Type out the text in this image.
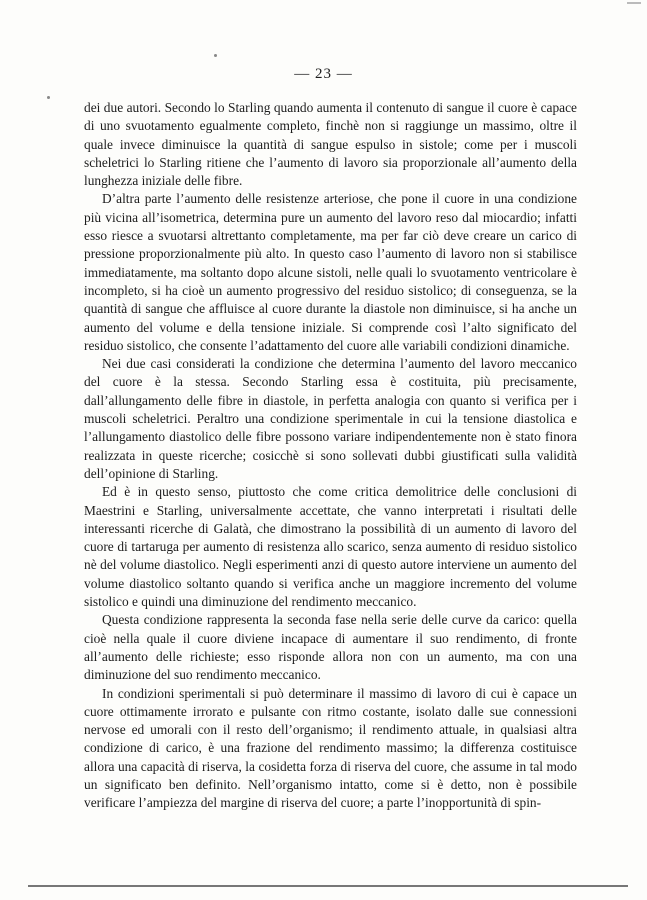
— 23 —

dei due autori. Secondo lo Starling quando aumenta il contenuto di sangue il cuore è capace di uno svuotamento egualmente completo, finchè non si raggiunge un massimo, oltre il quale invece diminuisce la quantità di sangue espulso in sistole; come per i muscoli scheletrici lo Starling ritiene che l’aumento di lavoro sia proporzionale all’aumento della lunghezza iniziale delle fibre.

D’altra parte l’aumento delle resistenze arteriose, che pone il cuore in una condizione più vicina all’isometrica, determina pure un aumento del lavoro reso dal miocardio; infatti esso riesce a svuotarsi altrettanto completamente, ma per far ciò deve creare un carico di pressione proporzionalmente più alto. In questo caso l’aumento di lavoro non si stabilisce immediatamente, ma soltanto dopo alcune sistoli, nelle quali lo svuotamento ventricolare è incompleto, si ha cioè un aumento progressivo del residuo sistolico; di conseguenza, se la quantità di sangue che affluisce al cuore durante la diastole non diminuisce, si ha anche un aumento del volume e della tensione iniziale. Si comprende così l’alto significato del residuo sistolico, che consente l’adattamento del cuore alle variabili condizioni dinamiche.

Nei due casi considerati la condizione che determina l’aumento del lavoro meccanico del cuore è la stessa. Secondo Starling essa è costituita, più precisamente, dall’allungamento delle fibre in diastole, in perfetta analogia con quanto si verifica per i muscoli scheletrici. Peraltro una condizione sperimentale in cui la tensione diastolica e l’allungamento diastolico delle fibre possono variare indipendentemente non è stato finora realizzata in queste ricerche; cosicchè si sono sollevati dubbi giustificati sulla validità dell’opinione di Starling.

Ed è in questo senso, piuttosto che come critica demolitrice delle conclusioni di Maestrini e Starling, universalmente accettate, che vanno interpretati i risultati delle interessanti ricerche di Galatà, che dimostrano la possibilità di un aumento di lavoro del cuore di tartaruga per aumento di resistenza allo scarico, senza aumento di residuo sistolico nè del volume diastolico. Negli esperimenti anzi di questo autore interviene un aumento del volume diastolico soltanto quando si verifica anche un maggiore incremento del volume sistolico e quindi una diminuzione del rendimento meccanico.

Questa condizione rappresenta la seconda fase nella serie delle curve da carico: quella cioè nella quale il cuore diviene incapace di aumentare il suo rendimento, di fronte all’aumento delle richieste; esso risponde allora non con un aumento, ma con una diminuzione del suo rendimento meccanico.

In condizioni sperimentali si può determinare il massimo di lavoro di cui è capace un cuore ottimamente irrorato e pulsante con ritmo costante, isolato dalle sue connessioni nervose ed umorali con il resto dell’organismo; il rendimento attuale, in qualsiasi altra condizione di carico, è una frazione del rendimento massimo; la differenza costituisce allora una capacità di riserva, la cosidetta forza di riserva del cuore, che assume in tal modo un significato ben definito. Nell’organismo intatto, come si è detto, non è possibile verificare l’ampiezza del margine di riserva del cuore; a parte l’inopportunità di spin-
